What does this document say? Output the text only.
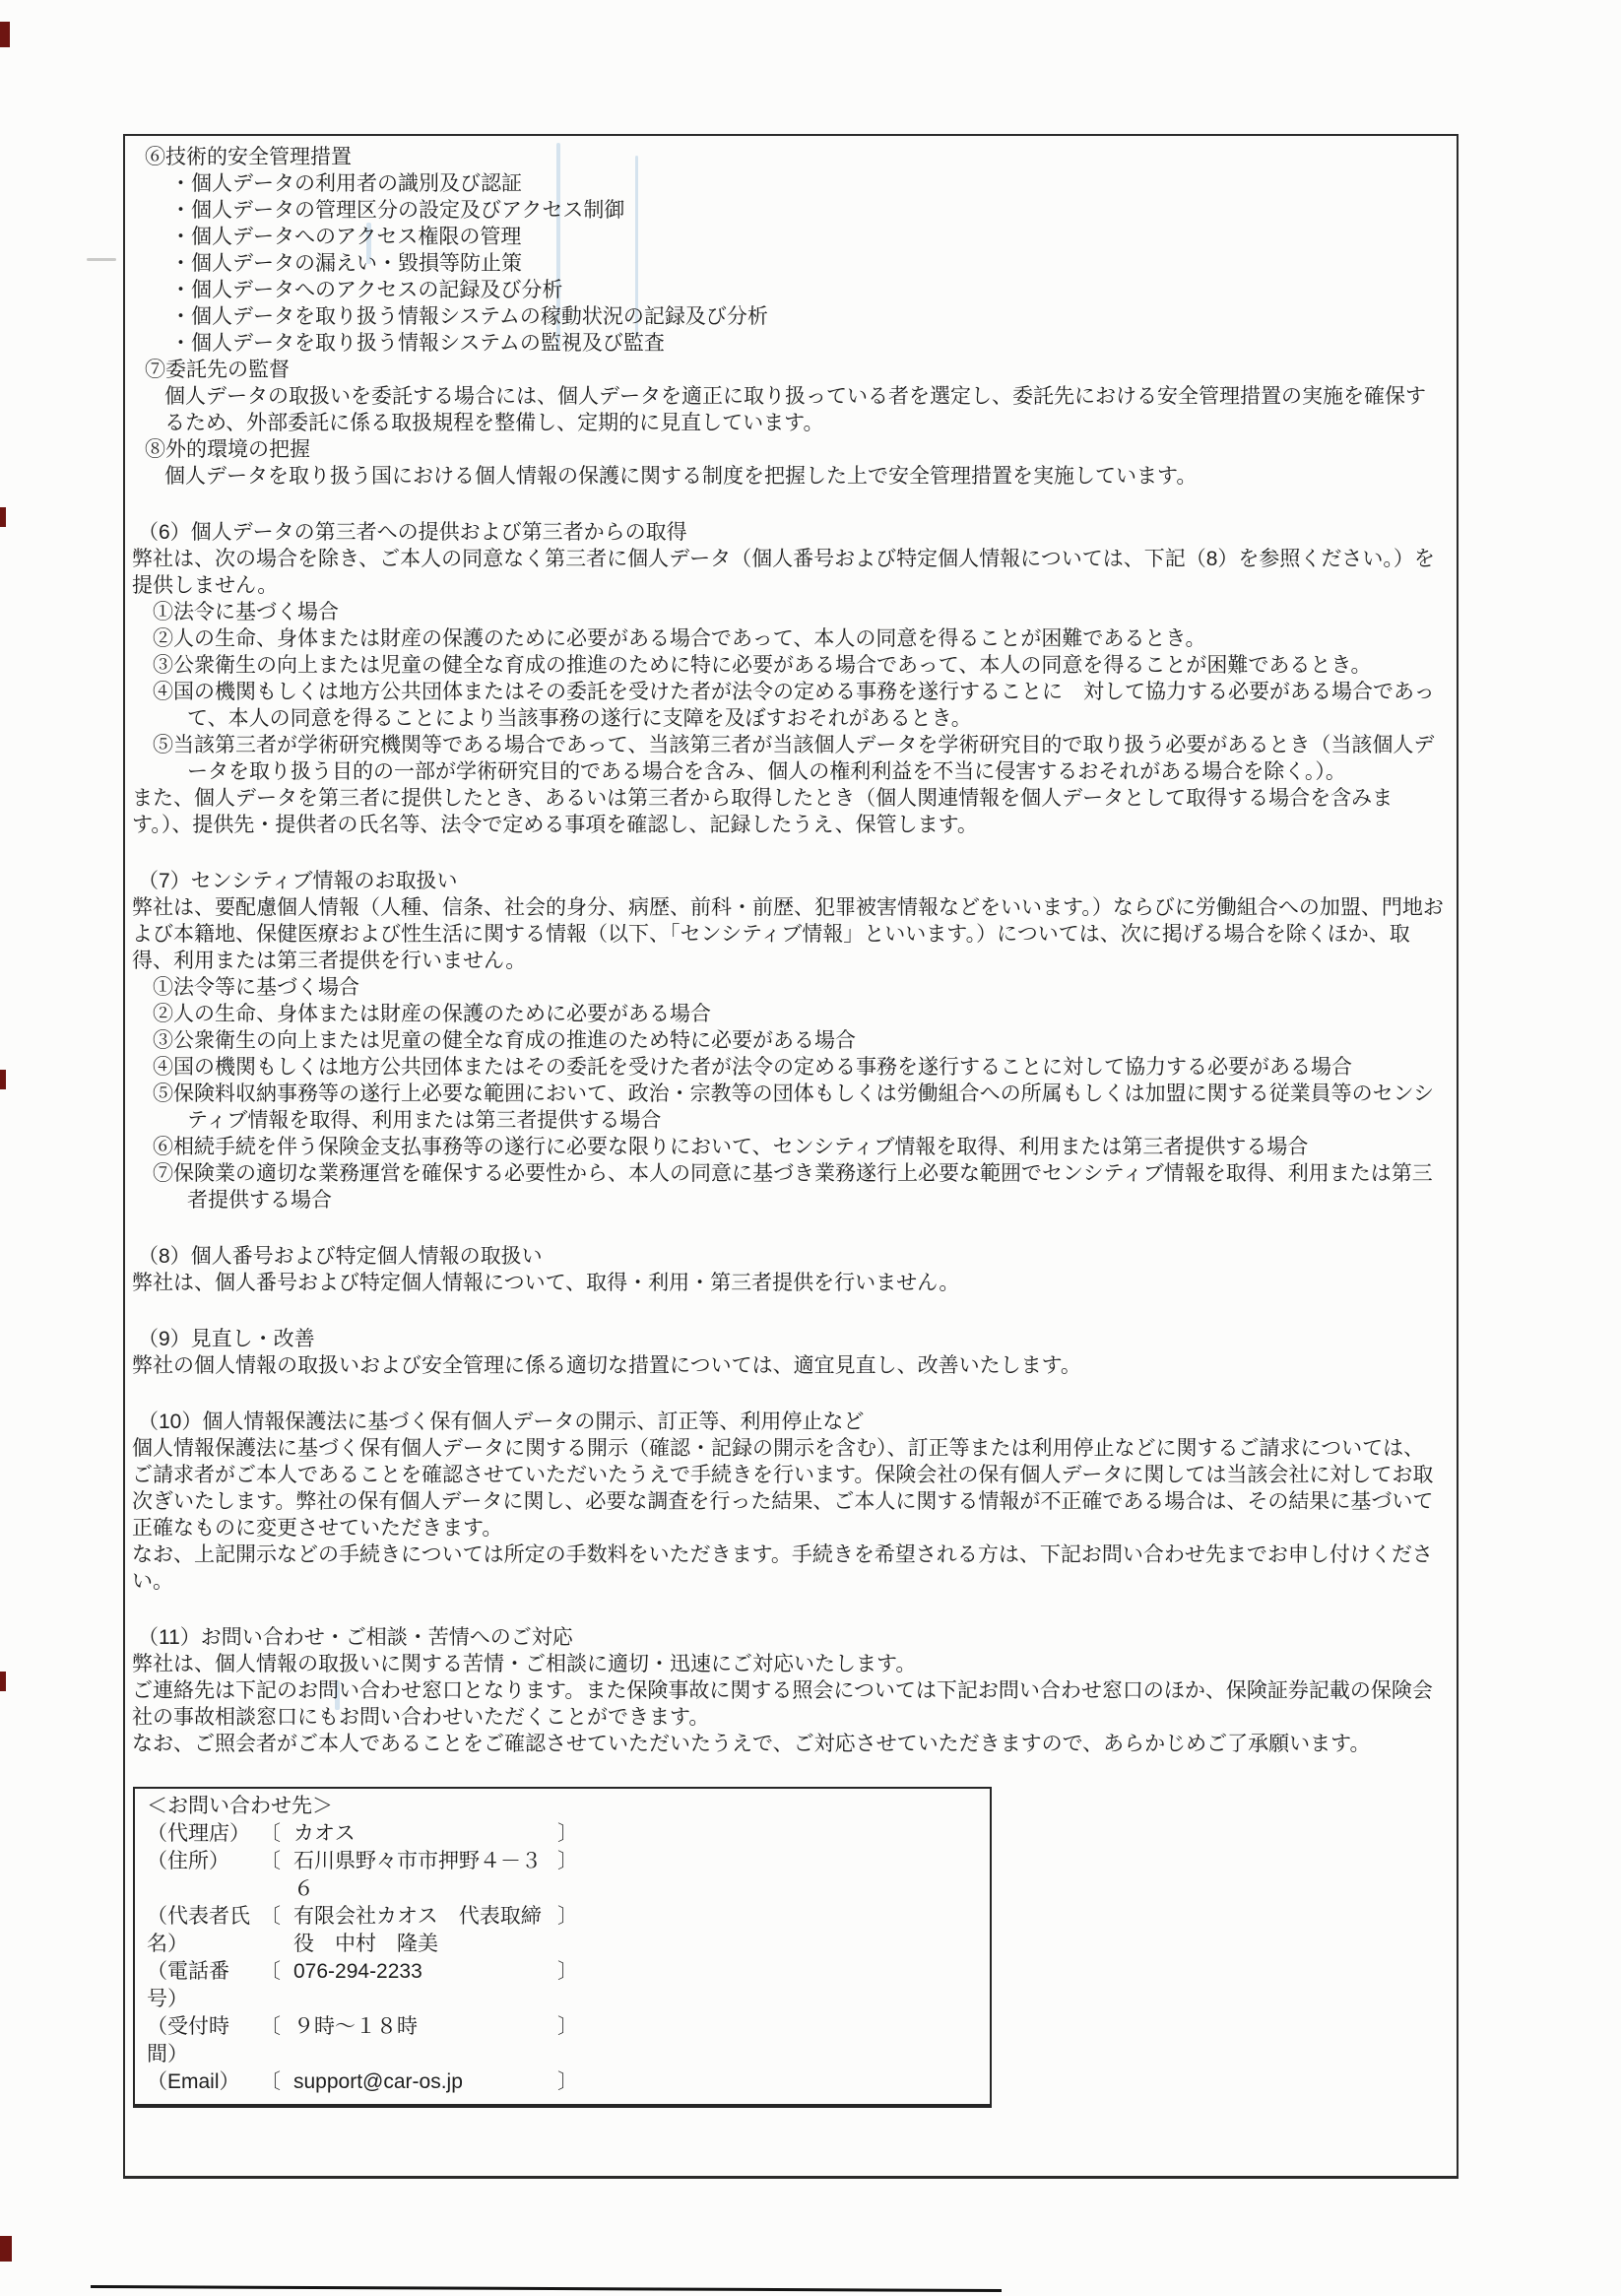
⑥技術的安全管理措置
・個人データの利用者の識別及び認証
・個人データの管理区分の設定及びアクセス制御
・個人データへのアクセス権限の管理
・個人データの漏えい・毀損等防止策
・個人データへのアクセスの記録及び分析
・個人データを取り扱う情報システムの稼動状況の記録及び分析
・個人データを取り扱う情報システムの監視及び監査
⑦委託先の監督
個人データの取扱いを委託する場合には、個人データを適正に取り扱っている者を選定し、委託先における安全管理措置の実施を確保するため、外部委託に係る取扱規程を整備し、定期的に見直しています。
⑧外的環境の把握
個人データを取り扱う国における個人情報の保護に関する制度を把握した上で安全管理措置を実施しています。
（6）個人データの第三者への提供および第三者からの取得
弊社は、次の場合を除き、ご本人の同意なく第三者に個人データ（個人番号および特定個人情報については、下記（8）を参照ください。）を提供しません。
①法令に基づく場合
②人の生命、身体または財産の保護のために必要がある場合であって、本人の同意を得ることが困難であるとき。
③公衆衛生の向上または児童の健全な育成の推進のために特に必要がある場合であって、本人の同意を得ることが困難であるとき。
④国の機関もしくは地方公共団体またはその委託を受けた者が法令の定める事務を遂行することに　対して協力する必要がある場合であって、本人の同意を得ることにより当該事務の遂行に支障を及ぼすおそれがあるとき。
⑤当該第三者が学術研究機関等である場合であって、当該第三者が当該個人データを学術研究目的で取り扱う必要があるとき（当該個人データを取り扱う目的の一部が学術研究目的である場合を含み、個人の権利利益を不当に侵害するおそれがある場合を除く。）。
また、個人データを第三者に提供したとき、あるいは第三者から取得したとき（個人関連情報を個人データとして取得する場合を含みます。）、提供先・提供者の氏名等、法令で定める事項を確認し、記録したうえ、保管します。
（7）センシティブ情報のお取扱い
弊社は、要配慮個人情報（人種、信条、社会的身分、病歴、前科・前歴、犯罪被害情報などをいいます。）ならびに労働組合への加盟、門地および本籍地、保健医療および性生活に関する情報（以下、「センシティブ情報」といいます。）については、次に掲げる場合を除くほか、取得、利用または第三者提供を行いません。
①法令等に基づく場合
②人の生命、身体または財産の保護のために必要がある場合
③公衆衛生の向上または児童の健全な育成の推進のため特に必要がある場合
④国の機関もしくは地方公共団体またはその委託を受けた者が法令の定める事務を遂行することに対して協力する必要がある場合
⑤保険料収納事務等の遂行上必要な範囲において、政治・宗教等の団体もしくは労働組合への所属もしくは加盟に関する従業員等のセンシティブ情報を取得、利用または第三者提供する場合
⑥相続手続を伴う保険金支払事務等の遂行に必要な限りにおいて、センシティブ情報を取得、利用または第三者提供する場合
⑦保険業の適切な業務運営を確保する必要性から、本人の同意に基づき業務遂行上必要な範囲でセンシティブ情報を取得、利用または第三者提供する場合
（8）個人番号および特定個人情報の取扱い
弊社は、個人番号および特定個人情報について、取得・利用・第三者提供を行いません。
（9）見直し・改善
弊社の個人情報の取扱いおよび安全管理に係る適切な措置については、適宜見直し、改善いたします。
（10）個人情報保護法に基づく保有個人データの開示、訂正等、利用停止など
個人情報保護法に基づく保有個人データに関する開示（確認・記録の開示を含む）、訂正等または利用停止などに関するご請求については、ご請求者がご本人であることを確認させていただいたうえで手続きを行います。保険会社の保有個人データに関しては当該会社に対してお取次ぎいたします。弊社の保有個人データに関し、必要な調査を行った結果、ご本人に関する情報が不正確である場合は、その結果に基づいて正確なものに変更させていただきます。
なお、上記開示などの手続きについては所定の手数料をいただきます。手続きを希望される方は、下記お問い合わせ先までお申し付けください。
（11）お問い合わせ・ご相談・苦情へのご対応
弊社は、個人情報の取扱いに関する苦情・ご相談に適切・迅速にご対応いたします。
ご連絡先は下記のお問い合わせ窓口となります。また保険事故に関する照会については下記お問い合わせ窓口のほか、保険証券記載の保険会社の事故相談窓口にもお問い合わせいただくことができます。
なお、ご照会者がご本人であることをご確認させていただいたうえで、ご対応させていただきますので、あらかじめご了承願います。
＜お問い合わせ先＞
（代理店） 〔 カオス	〕
（住所）	〔 石川県野々市市押野４－３６
〕
（代表者氏名）
〔 有限会社カオス　代表取締役　中村　隆美
〕
（電話番号）
〔 076-294-2233	〕
（受付時間）
〔 ９時～１８時	〕
（Email） 〔 support@car-os.jp	〕
